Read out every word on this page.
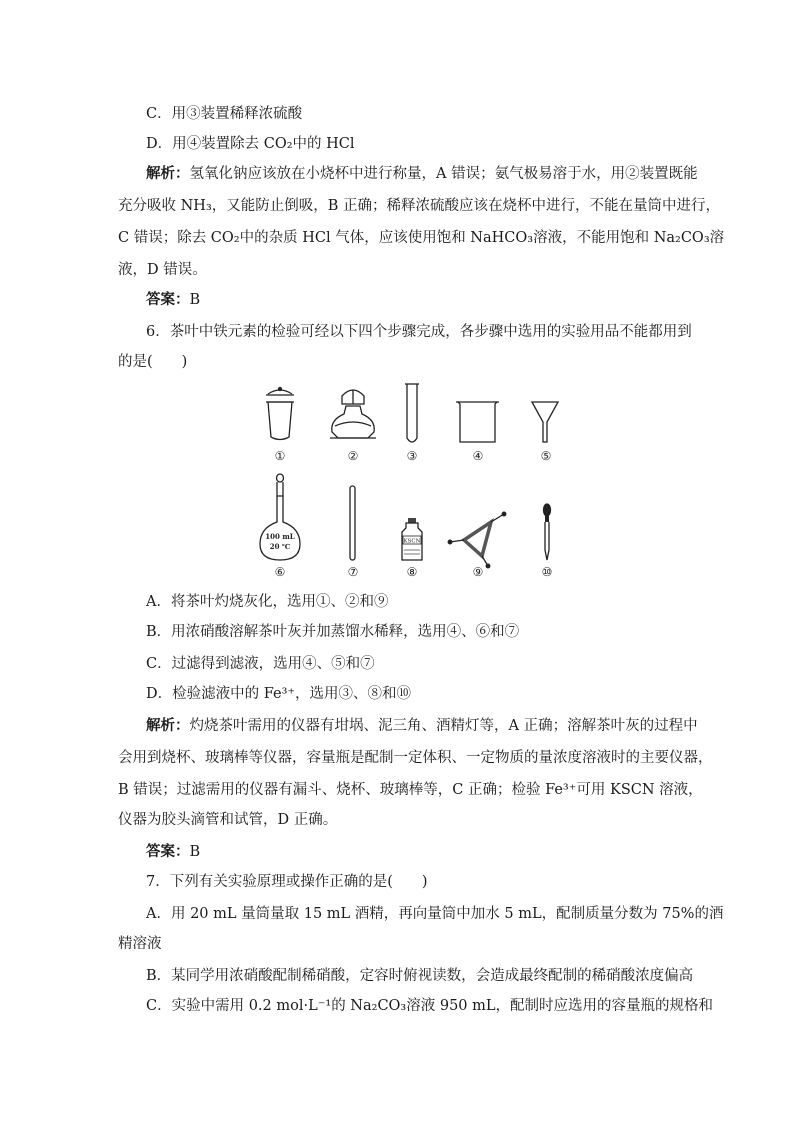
C．用③装置稀释浓硫酸
D．用④装置除去 CO₂中的 HCl
解析：氢氧化钠应该放在小烧杯中进行称量，A 错误；氨气极易溶于水，用②装置既能
充分吸收 NH₃，又能防止倒吸，B 正确；稀释浓硫酸应该在烧杯中进行，不能在量筒中进行，
C 错误；除去 CO₂中的杂质 HCl 气体，应该使用饱和 NaHCO₃溶液，不能用饱和 Na₂CO₃溶
液，D 错误。
答案：B
6．茶叶中铁元素的检验可经以下四个步骤完成，各步骤中选用的实验用品不能都用到
的是(　　)
①	②	③	④	⑤
100 mL
20 ℃
⑥	⑦
KSCN
⑧	⑨	⑩
A．将茶叶灼烧灰化，选用①、②和⑨
B．用浓硝酸溶解茶叶灰并加蒸馏水稀释，选用④、⑥和⑦
C．过滤得到滤液，选用④、⑤和⑦
D．检验滤液中的 Fe³⁺，选用③、⑧和⑩
解析：灼烧茶叶需用的仪器有坩埚、泥三角、酒精灯等，A 正确；溶解茶叶灰的过程中
会用到烧杯、玻璃棒等仪器，容量瓶是配制一定体积、一定物质的量浓度溶液时的主要仪器，
B 错误；过滤需用的仪器有漏斗、烧杯、玻璃棒等，C 正确；检验 Fe³⁺可用 KSCN 溶液，
仪器为胶头滴管和试管，D 正确。
答案：B
7．下列有关实验原理或操作正确的是(　　)
A．用 20 mL 量筒量取 15 mL 酒精，再向量筒中加水 5 mL，配制质量分数为 75%的酒
精溶液
B．某同学用浓硝酸配制稀硝酸，定容时俯视读数，会造成最终配制的稀硝酸浓度偏高
C．实验中需用 0.2 mol·L⁻¹的 Na₂CO₃溶液 950 mL，配制时应选用的容量瓶的规格和
